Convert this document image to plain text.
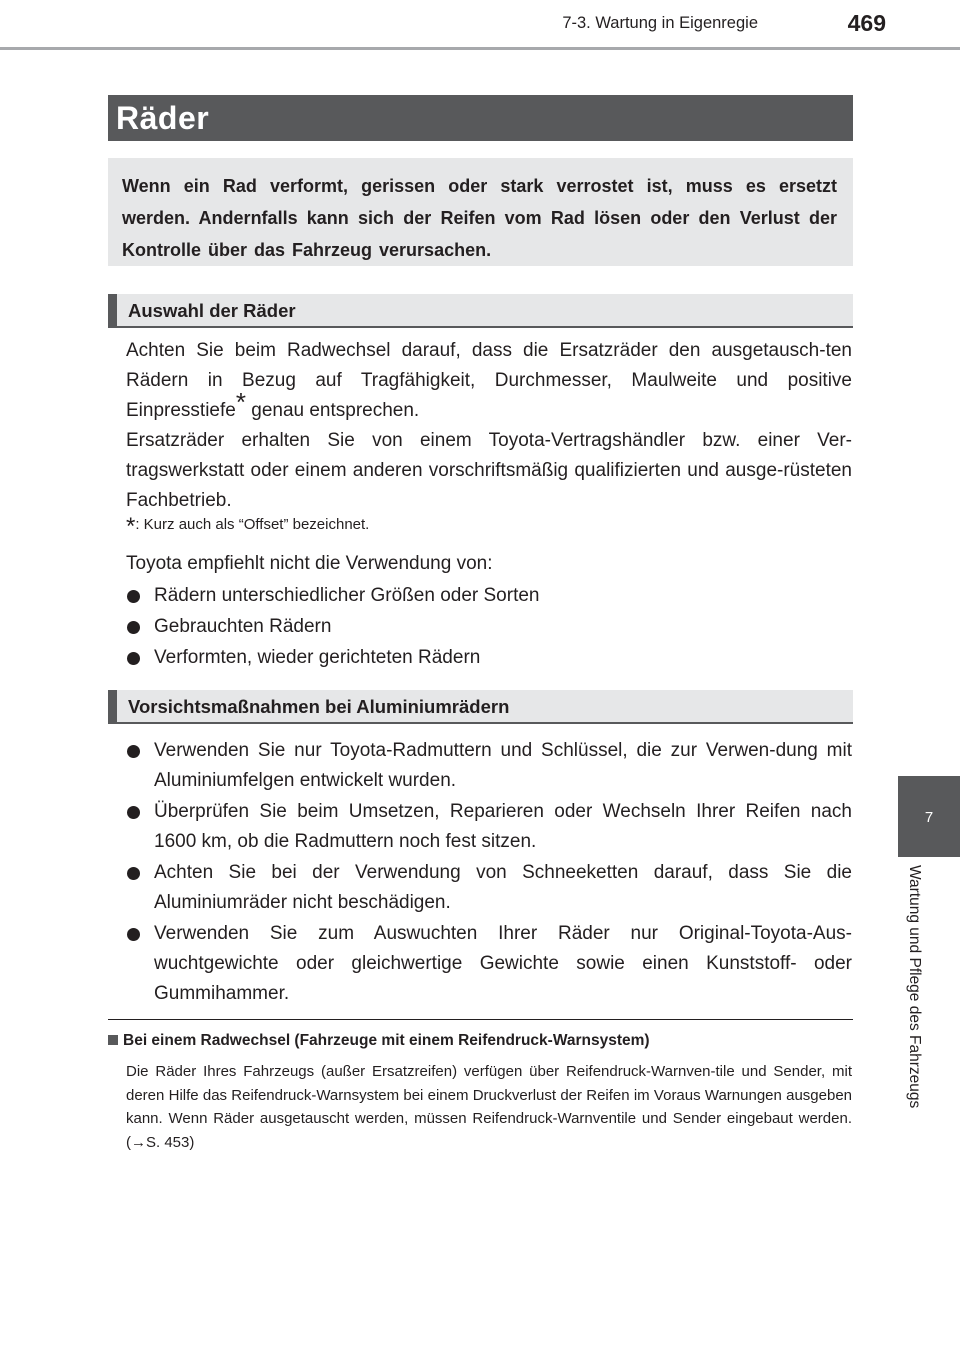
7-3. Wartung in Eigenregie	469
Räder

Wenn ein Rad verformt, gerissen oder stark verrostet ist, muss es ersetzt werden. Andernfalls kann sich der Reifen vom Rad lösen oder den Verlust der Kontrolle über das Fahrzeug verursachen.

Auswahl der Räder

Achten Sie beim Radwechsel darauf, dass die Ersatzräder den ausgetausch-ten Rädern in Bezug auf Tragfähigkeit, Durchmesser, Maulweite und positive Einpresstiefe* genau entsprechen.

Ersatzräder erhalten Sie von einem Toyota-Vertragshändler bzw. einer Ver-tragswerkstatt oder einem anderen vorschriftsmäßig qualifizierten und ausge-rüsteten Fachbetrieb.

*: Kurz auch als “Offset” bezeichnet.
Toyota empfiehlt nicht die Verwendung von:
Rädern unterschiedlicher Größen oder Sorten
Gebrauchten Rädern
Verformten, wieder gerichteten Rädern
Vorsichtsmaßnahmen bei Aluminiumrädern
Verwenden Sie nur Toyota-Radmuttern und Schlüssel, die zur Verwen-dung mit Aluminiumfelgen entwickelt wurden.
Überprüfen Sie beim Umsetzen, Reparieren oder Wechseln Ihrer Reifen nach 1600 km, ob die Radmuttern noch fest sitzen.
Achten Sie bei der Verwendung von Schneeketten darauf, dass Sie die Aluminiumräder nicht beschädigen.
Verwenden Sie zum Auswuchten Ihrer Räder nur Original-Toyota-Aus-wuchtgewichte oder gleichwertige Gewichte sowie einen Kunststoff- oder Gummihammer.
7
Wartung und Pflege des Fahrzeugs
Bei einem Radwechsel (Fahrzeuge mit einem Reifendruck-Warnsystem)

Die Räder Ihres Fahrzeugs (außer Ersatzreifen) verfügen über Reifendruck-Warnven-tile und Sender, mit deren Hilfe das Reifendruck-Warnsystem bei einem Druckverlust der Reifen im Voraus Warnungen ausgeben kann. Wenn Räder ausgetauscht werden, müssen Reifendruck-Warnventile und Sender eingebaut werden. (→S. 453)
